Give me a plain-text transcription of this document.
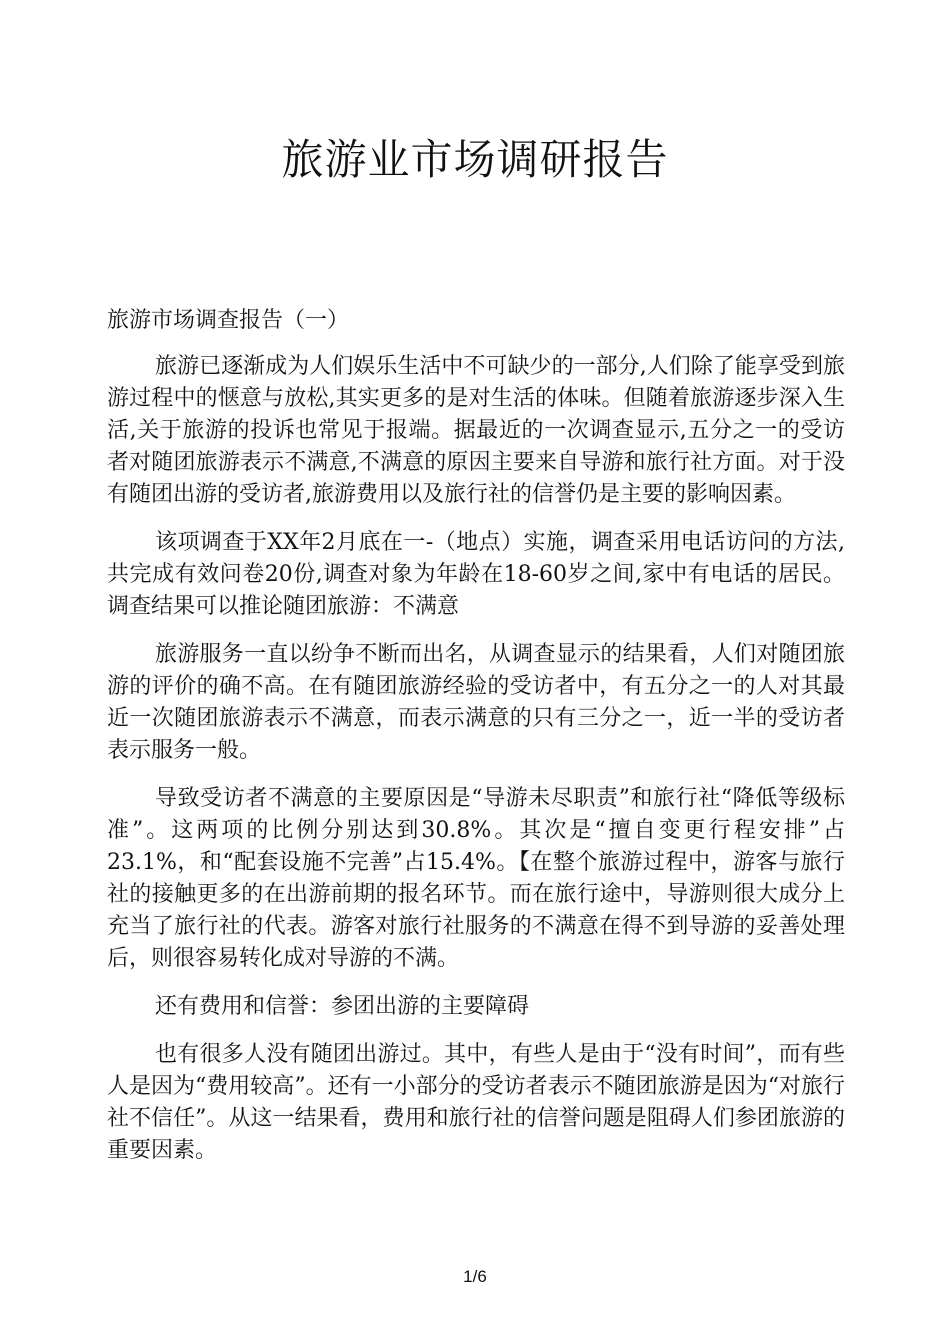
旅游业市场调研报告

旅游市场调查报告（一）

旅游已逐渐成为人们娱乐生活中不可缺少的一部分,人们除了能享受到旅游过程中的惬意与放松,其实更多的是对生活的体味。但随着旅游逐步深入生活,关于旅游的投诉也常见于报端。据最近的一次调查显示,五分之一的受访者对随团旅游表示不满意,不满意的原因主要来自导游和旅行社方面。对于没有随团出游的受访者,旅游费用以及旅行社的信誉仍是主要的影响因素。

该项调查于XX年2月底在一-（地点）实施，调查采用电话访问的方法,共完成有效问卷20份,调查对象为年龄在18-60岁之间,家中有电话的居民。调查结果可以推论随团旅游：不满意

旅游服务一直以纷争不断而出名，从调查显示的结果看，人们对随团旅游的评价的确不高。在有随团旅游经验的受访者中，有五分之一的人对其最近一次随团旅游表示不满意，而表示满意的只有三分之一，近一半的受访者表示服务一般。

导致受访者不满意的主要原因是“导游未尽职责”和旅行社“降低等级标准”。这两项的比例分别达到30.8%。其次是“擅自变更行程安排”占23.1%，和“配套设施不完善”占15.4%。【在整个旅游过程中，游客与旅行社的接触更多的在出游前期的报名环节。而在旅行途中，导游则很大成分上充当了旅行社的代表。游客对旅行社服务的不满意在得不到导游的妥善处理后，则很容易转化成对导游的不满。

还有费用和信誉：参团出游的主要障碍

也有很多人没有随团出游过。其中，有些人是由于“没有时间”，而有些人是因为“费用较高”。还有一小部分的受访者表示不随团旅游是因为“对旅行社不信任”。从这一结果看，费用和旅行社的信誉问题是阻碍人们参团旅游的重要因素。

1/6
